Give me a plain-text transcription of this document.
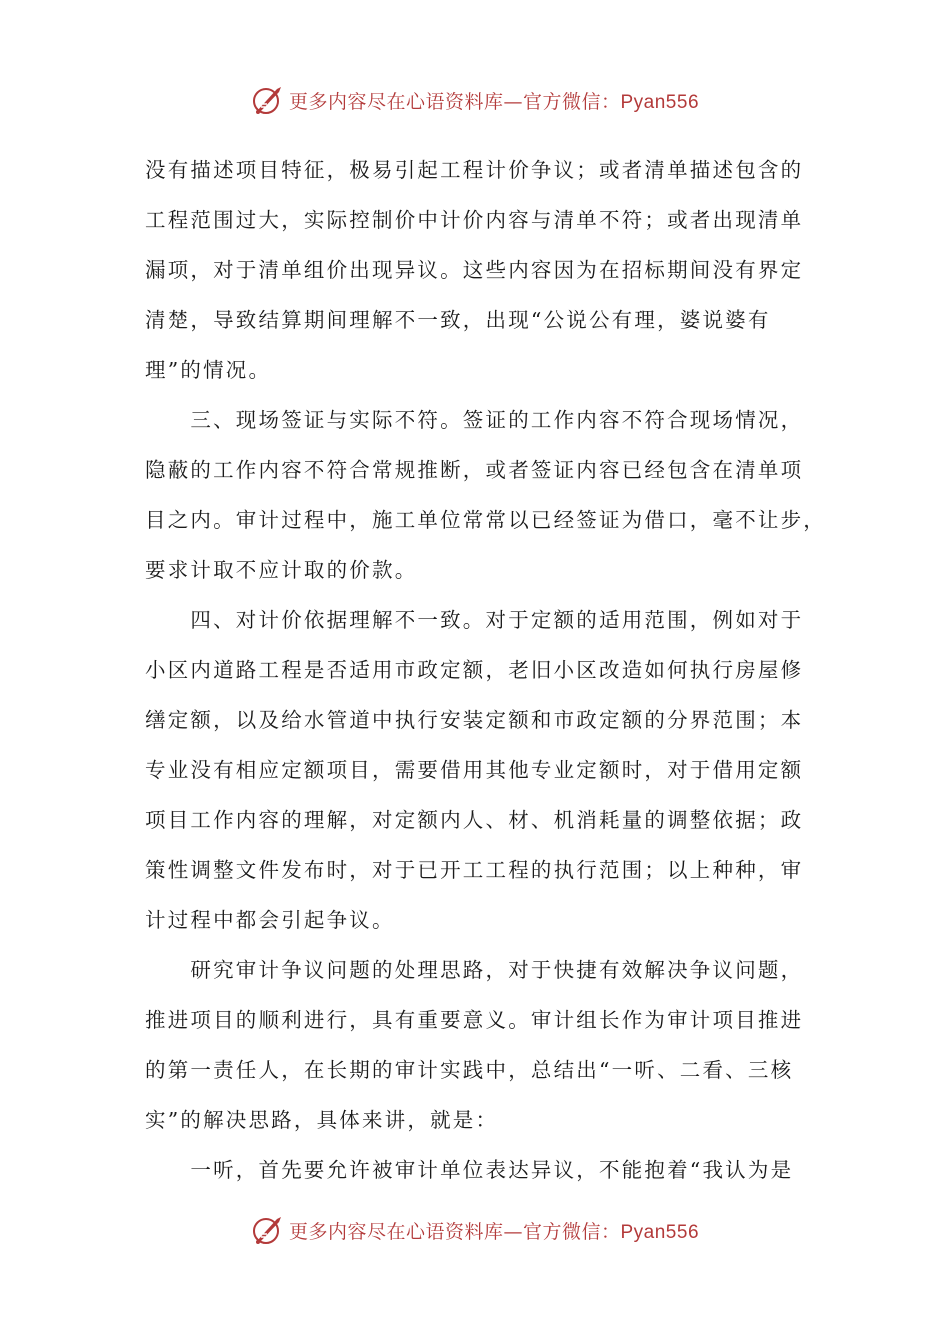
更多内容尽在心语资料库—官方微信：Pyan556
没有描述项目特征，极易引起工程计价争议；或者清单描述包含的
工程范围过大，实际控制价中计价内容与清单不符；或者出现清单
漏项，对于清单组价出现异议。这些内容因为在招标期间没有界定
清楚，导致结算期间理解不一致，出现“公说公有理，婆说婆有
理”的情况。
　　三、现场签证与实际不符。签证的工作内容不符合现场情况，
隐蔽的工作内容不符合常规推断，或者签证内容已经包含在清单项
目之内。审计过程中，施工单位常常以已经签证为借口，毫不让步，
要求计取不应计取的价款。
　　四、对计价依据理解不一致。对于定额的适用范围，例如对于
小区内道路工程是否适用市政定额，老旧小区改造如何执行房屋修
缮定额，以及给水管道中执行安装定额和市政定额的分界范围；本
专业没有相应定额项目，需要借用其他专业定额时，对于借用定额
项目工作内容的理解，对定额内人、材、机消耗量的调整依据；政
策性调整文件发布时，对于已开工工程的执行范围；以上种种，审
计过程中都会引起争议。
　　研究审计争议问题的处理思路，对于快捷有效解决争议问题，
推进项目的顺利进行，具有重要意义。审计组长作为审计项目推进
的第一责任人，在长期的审计实践中，总结出“一听、二看、三核
实”的解决思路，具体来讲，就是：
　　一听，首先要允许被审计单位表达异议，不能抱着“我认为是
更多内容尽在心语资料库—官方微信：Pyan556
